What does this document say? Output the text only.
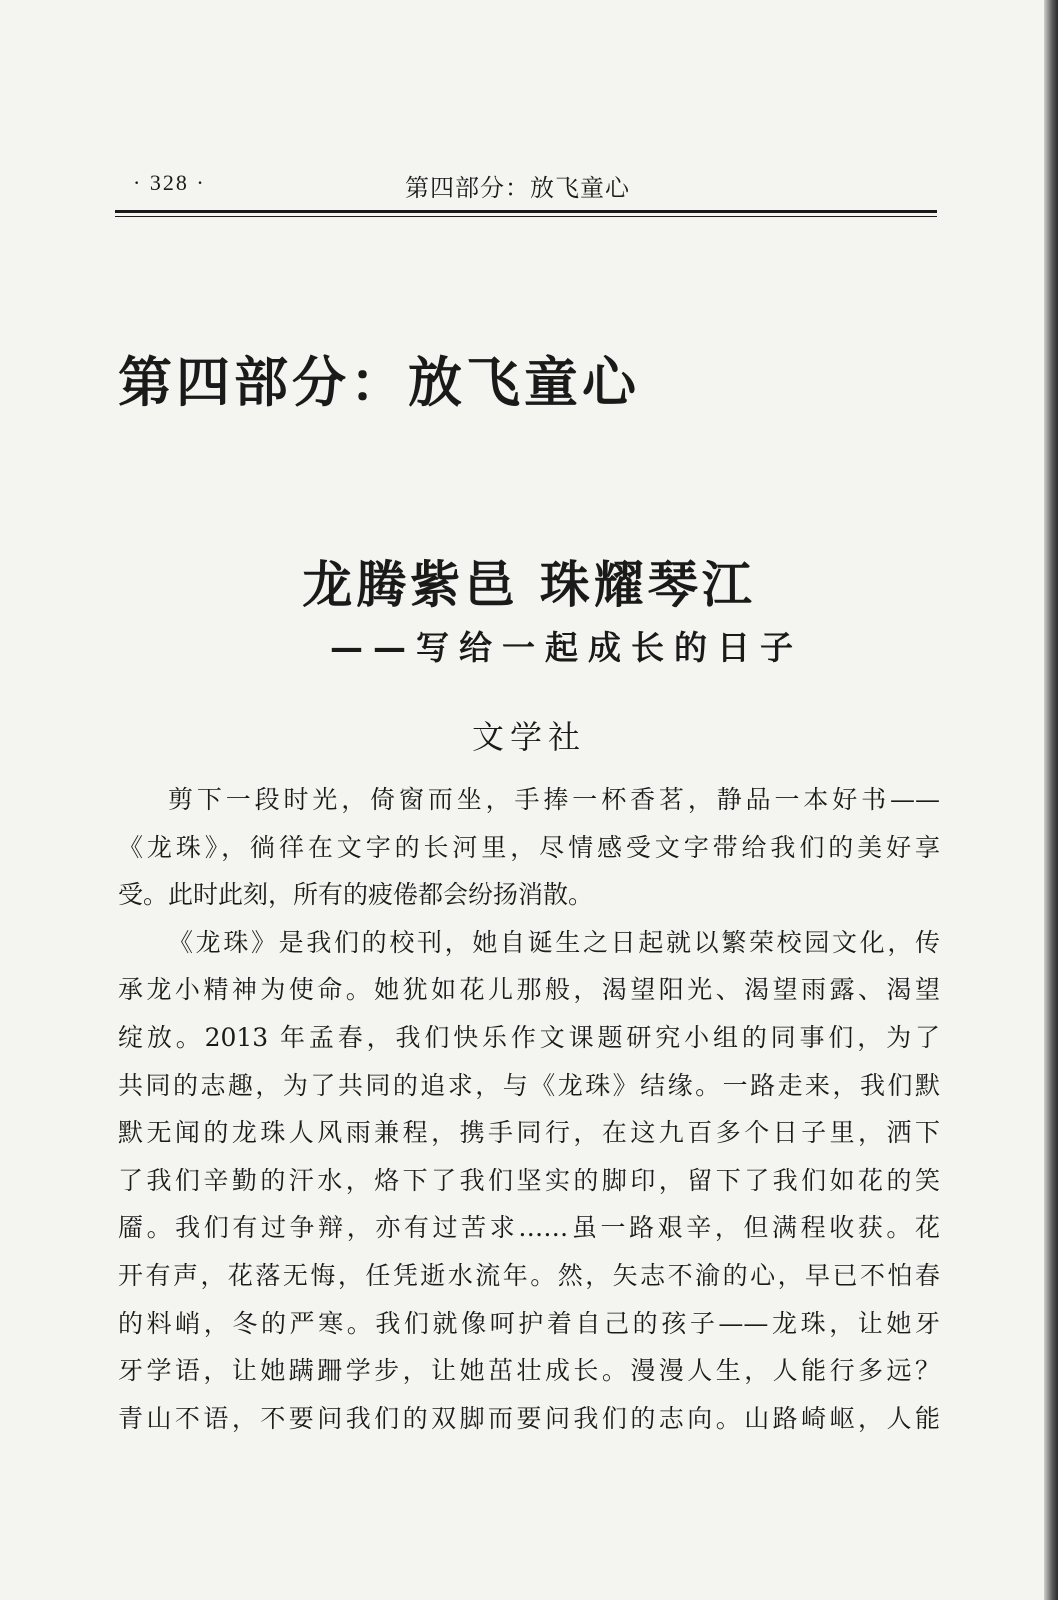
· 328 ·	第四部分：放飞童心
第四部分：放飞童心
龙腾紫邑 珠耀琴江
——写给一起成长的日子
文学社
剪下一段时光，倚窗而坐，手捧一杯香茗，静品一本好书——
《龙珠》，徜徉在文字的长河里，尽情感受文字带给我们的美好享
受。此时此刻，所有的疲倦都会纷扬消散。
《龙珠》是我们的校刊，她自诞生之日起就以繁荣校园文化，传
承龙小精神为使命。她犹如花儿那般，渴望阳光、渴望雨露、渴望
绽放。2013 年孟春，我们快乐作文课题研究小组的同事们，为了
共同的志趣，为了共同的追求，与《龙珠》结缘。一路走来，我们默
默无闻的龙珠人风雨兼程，携手同行，在这九百多个日子里，洒下
了我们辛勤的汗水，烙下了我们坚实的脚印，留下了我们如花的笑
靥。我们有过争辩，亦有过苦求……虽一路艰辛，但满程收获。花
开有声，花落无悔，任凭逝水流年。然，矢志不渝的心，早已不怕春
的料峭，冬的严寒。我们就像呵护着自己的孩子——龙珠，让她牙
牙学语，让她蹒跚学步，让她茁壮成长。漫漫人生，人能行多远？
青山不语，不要问我们的双脚而要问我们的志向。山路崎岖，人能
